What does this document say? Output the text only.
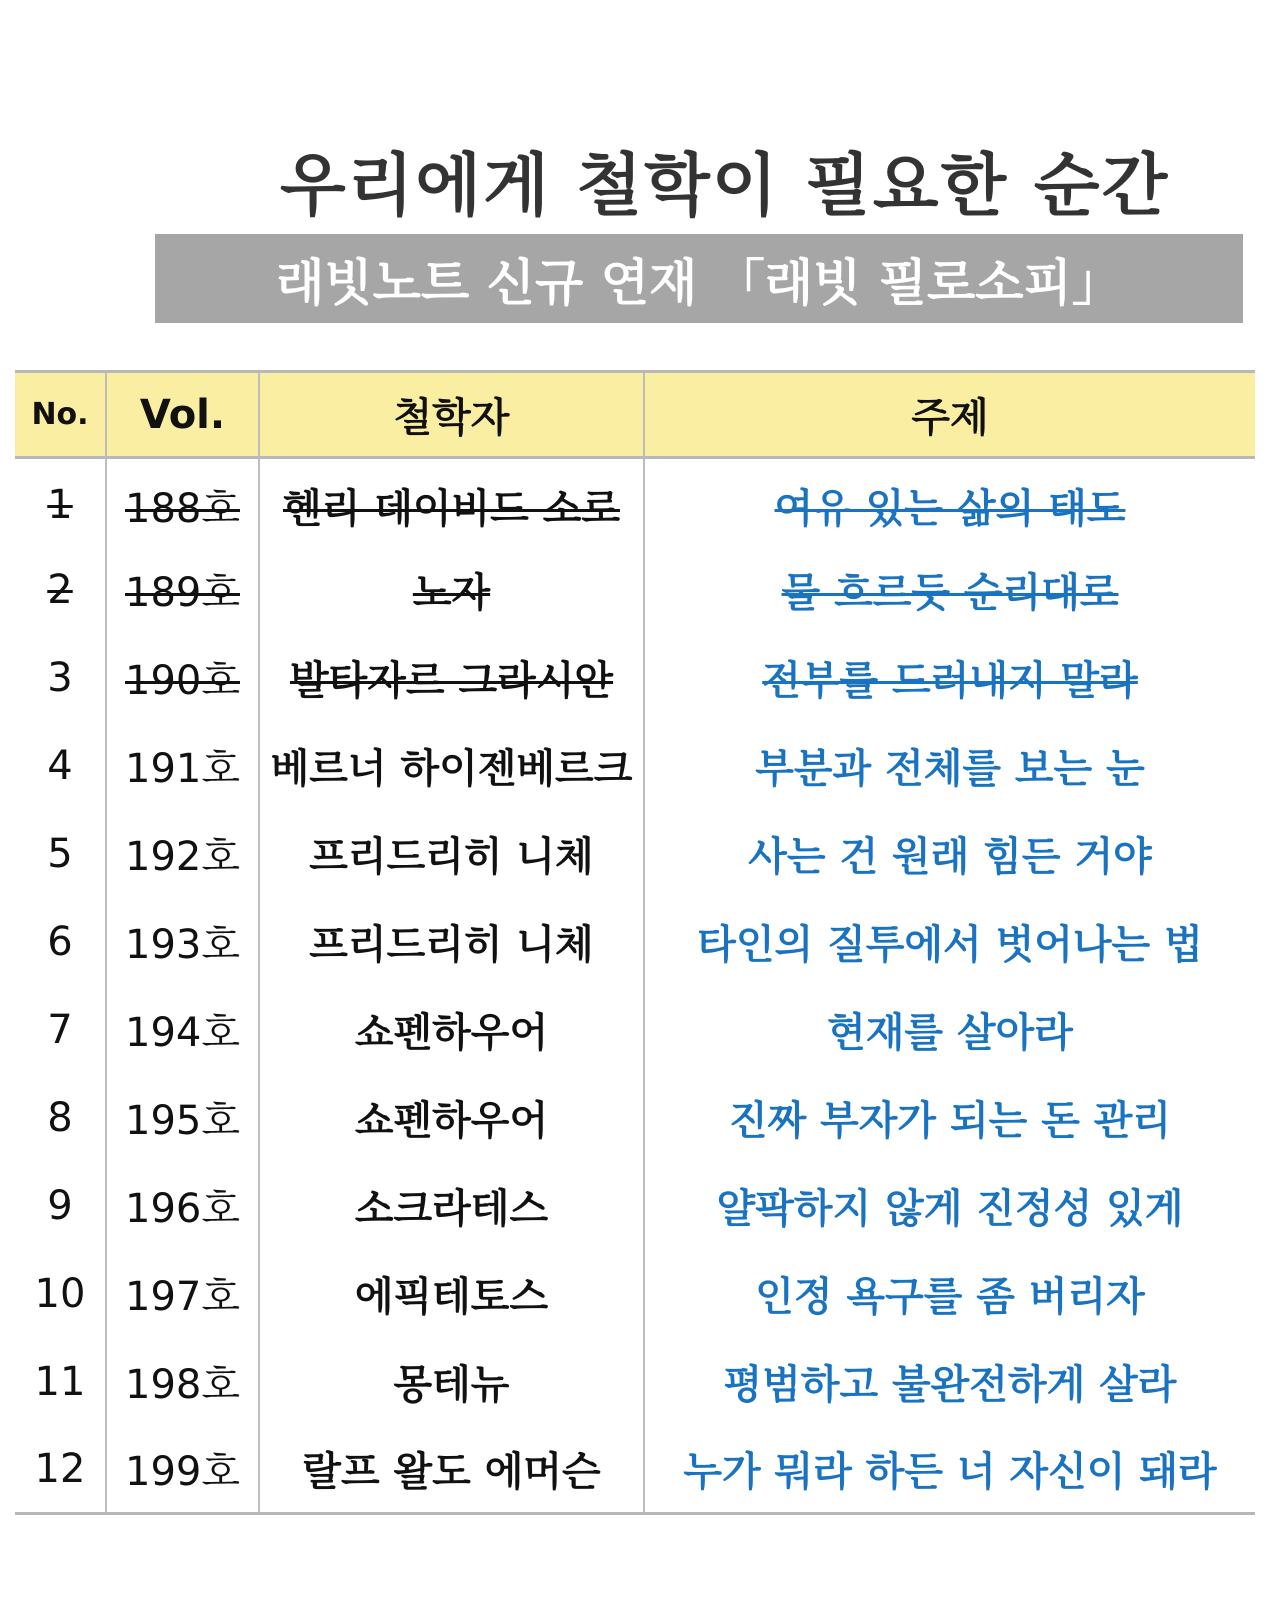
우리에게 철학이 필요한 순간
래빗노트 신규 연재 「래빗 필로소피」
No.	Vol.	철학자	주제
1	188호	헨리 데이비드 소로	여유 있는 삶의 태도
2	189호	노자	물 흐르듯 순리대로
3	190호	발타자르 그라시안	전부를 드러내지 말라
4	191호	베르너 하이젠베르크	부분과 전체를 보는 눈
5	192호	프리드리히 니체	사는 건 원래 힘든 거야
6	193호	프리드리히 니체	타인의 질투에서 벗어나는 법
7	194호	쇼펜하우어	현재를 살아라
8	195호	쇼펜하우어	진짜 부자가 되는 돈 관리
9	196호	소크라테스	얄팍하지 않게 진정성 있게
10	197호	에픽테토스	인정 욕구를 좀 버리자
11	198호	몽테뉴	평범하고 불완전하게 살라
12	199호	랄프 왈도 에머슨	누가 뭐라 하든 너 자신이 돼라
